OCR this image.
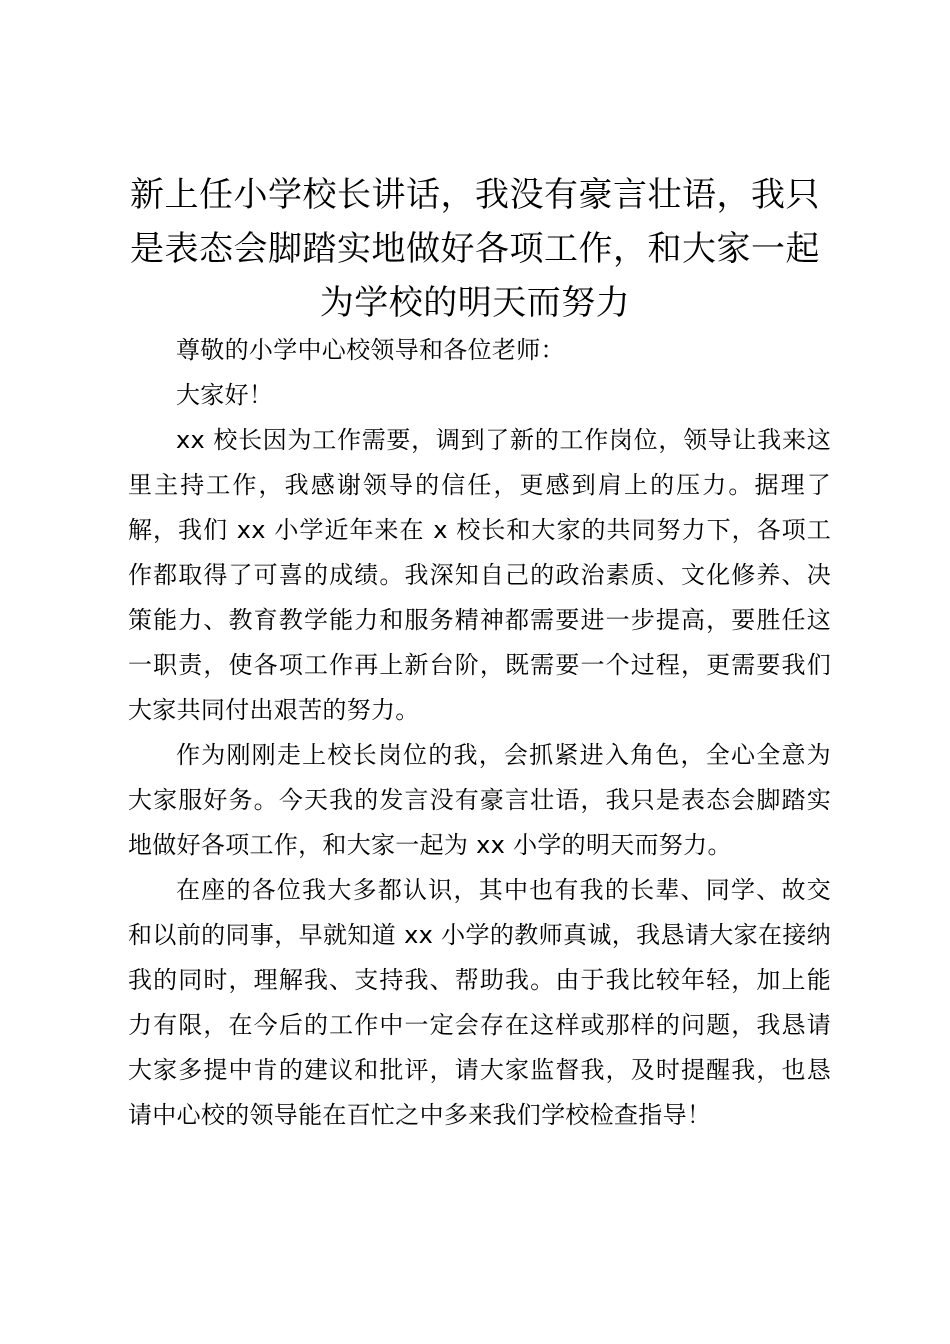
新上任小学校长讲话，我没有豪言壮语，我只是表态会脚踏实地做好各项工作，和大家一起为学校的明天而努力

尊敬的小学中心校领导和各位老师：

大家好！

xx 校长因为工作需要，调到了新的工作岗位，领导让我来这里主持工作，我感谢领导的信任，更感到肩上的压力。据理了解，我们 xx 小学近年来在 x 校长和大家的共同努力下，各项工作都取得了可喜的成绩。我深知自己的政治素质、文化修养、决策能力、教育教学能力和服务精神都需要进一步提高，要胜任这一职责，使各项工作再上新台阶，既需要一个过程，更需要我们大家共同付出艰苦的努力。

作为刚刚走上校长岗位的我，会抓紧进入角色，全心全意为大家服好务。今天我的发言没有豪言壮语，我只是表态会脚踏实地做好各项工作，和大家一起为 xx 小学的明天而努力。

在座的各位我大多都认识，其中也有我的长辈、同学、故交和以前的同事，早就知道 xx 小学的教师真诚，我恳请大家在接纳我的同时，理解我、支持我、帮助我。由于我比较年轻，加上能力有限，在今后的工作中一定会存在这样或那样的问题，我恳请大家多提中肯的建议和批评，请大家监督我，及时提醒我，也恳请中心校的领导能在百忙之中多来我们学校检查指导！
